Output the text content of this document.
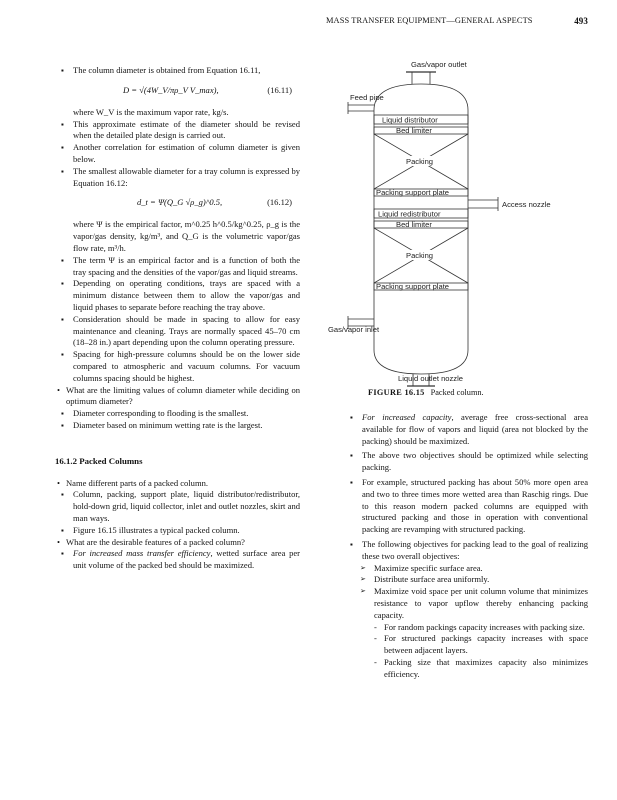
MASS TRANSFER EQUIPMENT—GENERAL ASPECTS	493

▪ The column diameter is obtained from Equation 16.11,

D = √(4W_V/πρ_V V_max),	(16.11)

where W_V is the maximum vapor rate, kg/s.

▪ This approximate estimate of the diameter should be revised when the detailed plate design is carried out.

▪ Another correlation for estimation of column diameter is given below.

▪ The smallest allowable diameter for a tray column is expressed by Equation 16.12:

d_t = Ψ(Q_G √ρ_g)^0.5,	(16.12)

where Ψ is the empirical factor, m^0.25 h^0.5/kg^0.25, ρ_g is the vapor/gas density, kg/m³, and Q_G is the volumetric vapor/gas flow rate, m³/h.

▪ The term Ψ is an empirical factor and is a function of both the tray spacing and the densities of the vapor/gas and liquid streams.

▪ Depending on operating conditions, trays are spaced with a minimum distance between them to allow the vapor/gas and liquid phases to separate before reaching the tray above.

▪ Consideration should be made in spacing to allow for easy maintenance and cleaning. Trays are normally spaced 45–70 cm (18–28 in.) apart depending upon the column operating pressure.

▪ Spacing for high-pressure columns should be on the lower side compared to atmospheric and vacuum columns. For vacuum columns spacing should be highest.

• What are the limiting values of column diameter while deciding on optimum diameter?

▪ Diameter corresponding to flooding is the smallest.

▪ Diameter based on minimum wetting rate is the largest.

16.1.2 Packed Columns

• Name different parts of a packed column.

▪ Column, packing, support plate, liquid distributor/redistributor, hold-down grid, liquid collector, inlet and outlet nozzles, skirt and man ways.

▪ Figure 16.15 illustrates a typical packed column.

• What are the desirable features of a packed column?

▪ For increased mass transfer efficiency, wetted surface area per unit volume of the packed bed should be maximized.

Gas/vapor outlet
Feed pipe
Liquid distributor
Bed limiter
Packing
Packing support plate
Access nozzle
Liquid redistributor
Bed limiter
Packing
Packing support plate
Gas/vapor inlet
Liquid outlet nozzle
FIGURE 16.15 Packed column.

▪ For increased capacity, average free cross-sectional area available for flow of vapors and liquid (area not blocked by the packing) should be maximized.

▪ The above two objectives should be optimized while selecting packing.

▪ For example, structured packing has about 50% more open area and two to three times more wetted area than Raschig rings. Due to this reason modern packed columns are equipped with structured packing and those in operation with conventional packing are revamping with structured packing.

▪ The following objectives for packing lead to the goal of realizing these two overall objectives:

➢ Maximize specific surface area.

➢ Distribute surface area uniformly.

➢ Maximize void space per unit column volume that minimizes resistance to vapor upflow thereby enhancing packing capacity.

- For random packings capacity increases with packing size.

- For structured packings capacity increases with space between adjacent layers.

- Packing size that maximizes capacity also minimizes efficiency.
